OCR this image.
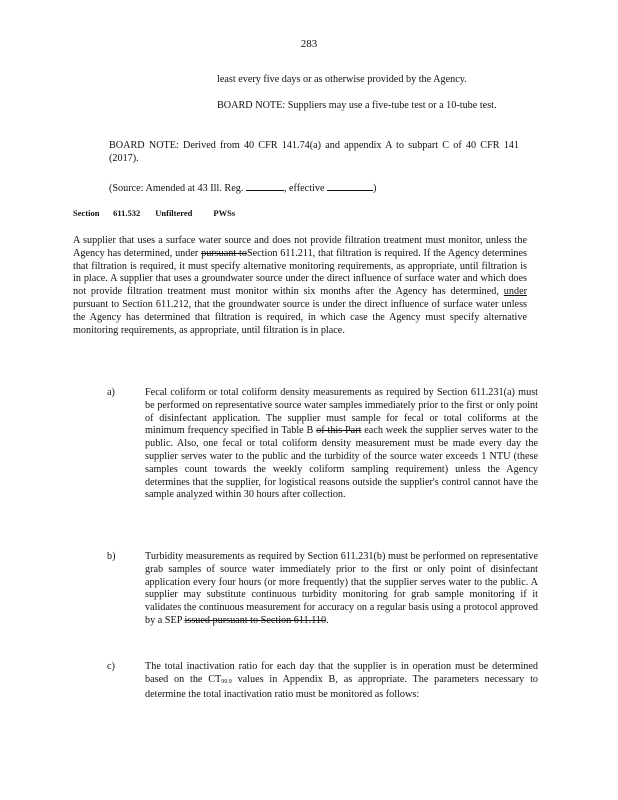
283
least every five days or as otherwise provided by the Agency.
BOARD NOTE: Suppliers may use a five-tube test or a 10-tube test.
BOARD NOTE: Derived from 40 CFR 141.74(a) and appendix A to subpart C of 40 CFR 141 (2017).
(Source: Amended at 43 Ill. Reg.	, effective	)
Section 611.532 Unfiltered PWSs
A supplier that uses a surface water source and does not provide filtration treatment must monitor, unless the Agency has determined, under pursuant toSection 611.211, that filtration is required. If the Agency determines that filtration is required, it must specify alternative monitoring requirements, as appropriate, until filtration is in place. A supplier that uses a groundwater source under the direct influence of surface water and which does not provide filtration treatment must monitor within six months after the Agency has determined, under pursuant to Section 611.212, that the groundwater source is under the direct influence of surface water unless the Agency has determined that filtration is required, in which case the Agency must specify alternative monitoring requirements, as appropriate, until filtration is in place.
a)	Fecal coliform or total coliform density measurements as required by Section 611.231(a) must be performed on representative source water samples immediately prior to the first or only point of disinfectant application. The supplier must sample for fecal or total coliforms at the minimum frequency specified in Table B of this Part each week the supplier serves water to the public. Also, one fecal or total coliform density measurement must be made every day the supplier serves water to the public and the turbidity of the source water exceeds 1 NTU (these samples count towards the weekly coliform sampling requirement) unless the Agency determines that the supplier, for logistical reasons outside the supplier's control cannot have the sample analyzed within 30 hours after collection.
b)	Turbidity measurements as required by Section 611.231(b) must be performed on representative grab samples of source water immediately prior to the first or only point of disinfectant application every four hours (or more frequently) that the supplier serves water to the public. A supplier may substitute continuous turbidity monitoring for grab sample monitoring if it validates the continuous measurement for accuracy on a regular basis using a protocol approved by a SEP issued pursuant to Section 611.110.
c)	The total inactivation ratio for each day that the supplier is in operation must be determined based on the $CT_{99.9}$ values in Appendix B, as appropriate. The parameters necessary to determine the total inactivation ratio must be monitored as follows:
